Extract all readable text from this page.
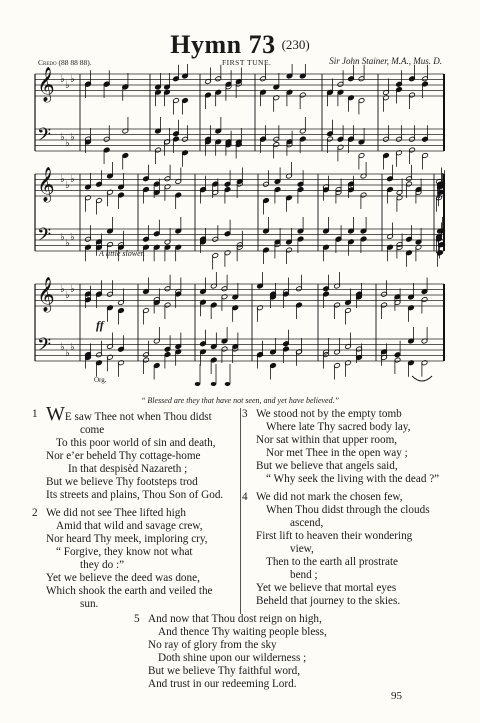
Hymn 73 $^{(230)}$
Credo (88 88 88).	FIRST TUNE.	Sir John Stainer, M.A., Mus. D.
𝄞 ♭
♭
♭
𝄢 ♭
♭
♭
𝄞 ♭
♭
♭
𝄢 ♭
♭
♭
𝄞 ♭
♭
♭
𝄢 ♭
♭
♭
A little slower.
ff
Org.
“ Blessed are they that have not seen, and yet have believed.”
1 WE saw Thee not when Thou didst
come
To this poor world of sin and death,
Nor e’er beheld Thy cottage-home
In that despisèd Nazareth ;
But we believe Thy footsteps trod
Its streets and plains, Thou Son of God.
2 We did not see Thee lifted high
Amid that wild and savage crew,
Nor heard Thy meek, imploring cry,
“ Forgive, they know not what
they do :”
Yet we believe the deed was done,
Which shook the earth and veiled the
sun.
3 We stood not by the empty tomb
Where late Thy sacred body lay,
Nor sat within that upper room,
Nor met Thee in the open way ;
But we believe that angels said,
“ Why seek the living with the dead ?”
4 We did not mark the chosen few,
When Thou didst through the clouds
ascend,
First lift to heaven their wondering
view,
Then to the earth all prostrate
bend ;
Yet we believe that mortal eyes
Beheld that journey to the skies.
5 And now that Thou dost reign on high,
And thence Thy waiting people bless,
No ray of glory from the sky
Doth shine upon our wilderness ;
But we believe Thy faithful word,
And trust in our redeeming Lord.
95
